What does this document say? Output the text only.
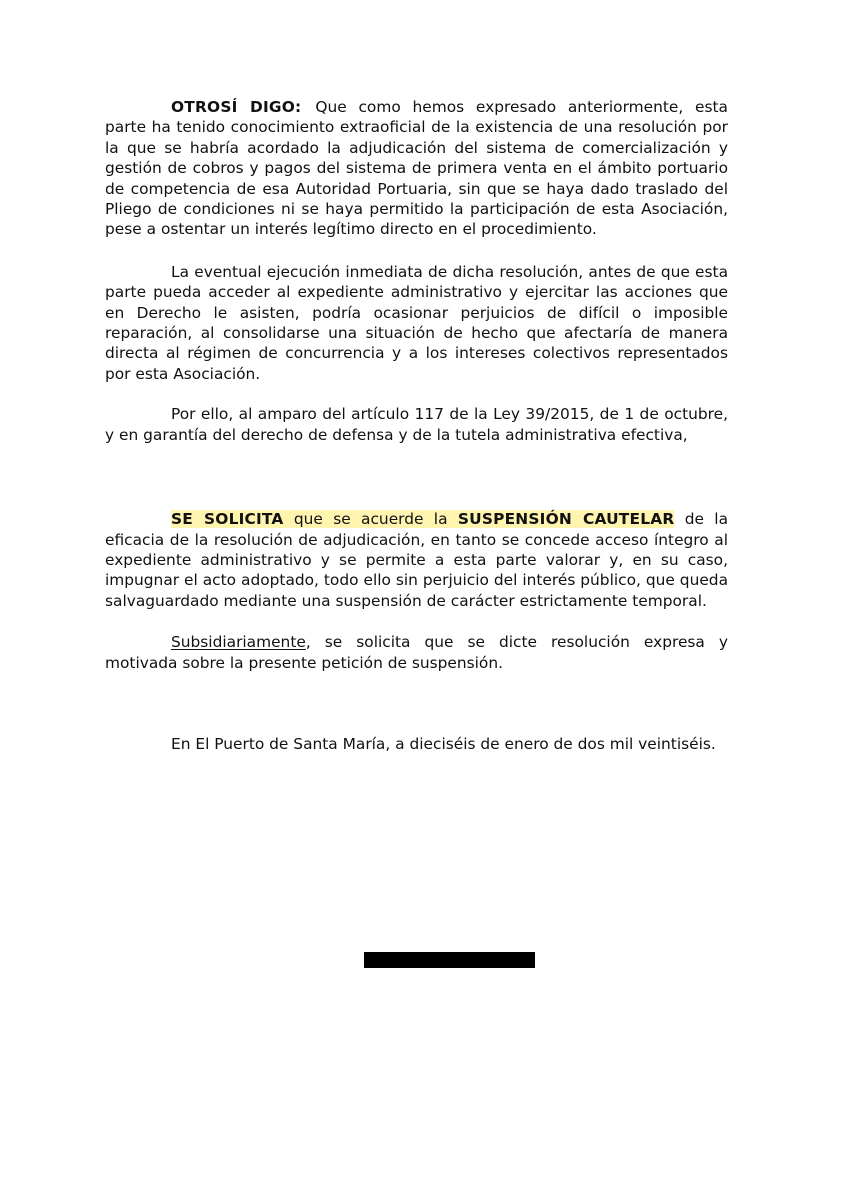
OTROSÍ DIGO: Que como hemos expresado anteriormente, esta parte ha tenido conocimiento extraoficial de la existencia de una resolución por la que se habría acordado la adjudicación del sistema de comercialización y gestión de cobros y pagos del sistema de primera venta en el ámbito portuario de competencia de esa Autoridad Portuaria, sin que se haya dado traslado del Pliego de condiciones ni se haya permitido la participación de esta Asociación, pese a ostentar un interés legítimo directo en el procedimiento.

La eventual ejecución inmediata de dicha resolución, antes de que esta parte pueda acceder al expediente administrativo y ejercitar las acciones que en Derecho le asisten, podría ocasionar perjuicios de difícil o imposible reparación, al consolidarse una situación de hecho que afectaría de manera directa al régimen de concurrencia y a los intereses colectivos representados por esta Asociación.

Por ello, al amparo del artículo 117 de la Ley 39/2015, de 1 de octubre, y en garantía del derecho de defensa y de la tutela administrativa efectiva,

SE SOLICITA que se acuerde la SUSPENSIÓN CAUTELAR de la eficacia de la resolución de adjudicación, en tanto se concede acceso íntegro al expediente administrativo y se permite a esta parte valorar y, en su caso, impugnar el acto adoptado, todo ello sin perjuicio del interés público, que queda salvaguardado mediante una suspensión de carácter estrictamente temporal.

Subsidiariamente, se solicita que se dicte resolución expresa y motivada sobre la presente petición de suspensión.

En El Puerto de Santa María, a dieciséis de enero de dos mil veintiséis.
